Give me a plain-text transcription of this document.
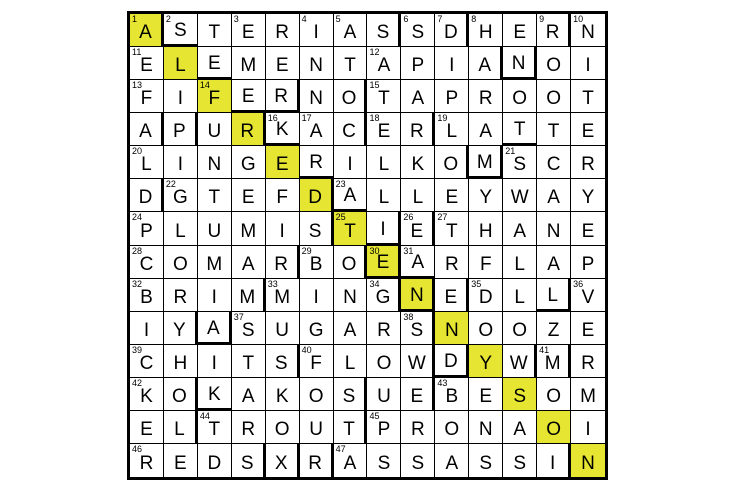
1
A
2
S T
3
E R
4
I
5
A S
6
S
7
D
8
H E
9
R
10
N
11
E L E M E N T
12
A P I A N O I
13
F I
14
F E R N O
15
T A P R O O T
A P U R
16
K
17
A C
18
E R
19
L A T T E
20
L I N G E R I L K O M
21
S C R
D
22
G T E F D
23
A L L E Y W A Y
24
P L U M I S
25
T I
26
E
27
T H A N E
28
C O M A R
29
B O
30
E
31
A R F L A P
32
B R I M
33
M I N
34
G N E
35
D L L
36
V
I Y A
37
S U G A R
38
S N O O Z E
39
C H I T S
40
F L O W D Y W
41
M R
42
K O K A K O S U E
43
B E S O M
E L
44
T R O U T
45
P R O N A O I
46
R E D S X R
47
A S S A S S I N
